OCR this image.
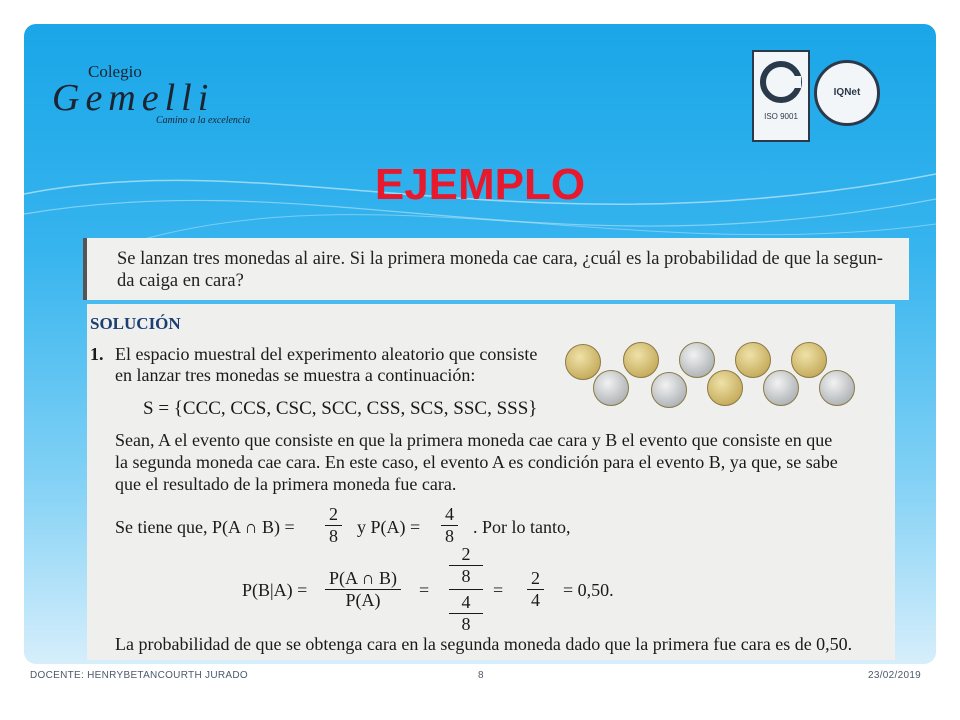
Colegio
Gemelli
Camino a la excelencia	ISO 9001
IQNet
EJEMPLO

Se lanzan tres monedas al aire. Si la primera moneda cae cara, ¿cuál es la probabilidad de que la segun-
da caiga en cara?

SOLUCIÓN
1. El espacio muestral del experimento aleatorio que consiste
en lanzar tres monedas se muestra a continuación:
S = {CCC, CCS, CSC, SCC, CSS, SCS, SSC, SSS}
Sean, A el evento que consiste en que la primera moneda cae cara y B el evento que consiste en que
la segunda moneda cae cara. En este caso, el evento A es condición para el evento B, ya que, se sabe
que el resultado de la primera moneda fue cara.
Se tiene que, P(A ∩ $B) = \frac{2}{8}$ y $P(A) = \frac{4}{8}$ . Por lo tanto,
$P(B|A) = \frac{P(A \cap B)}{P(A)} = 2$
8
4
$8 = \frac{2}{4} = 0,50$.
La probabilidad de que se obtenga cara en la segunda moneda dado que la primera fue cara es de 0,50.
DOCENTE: HENRYBETANCOURTH JURADO	8	23/02/2019
